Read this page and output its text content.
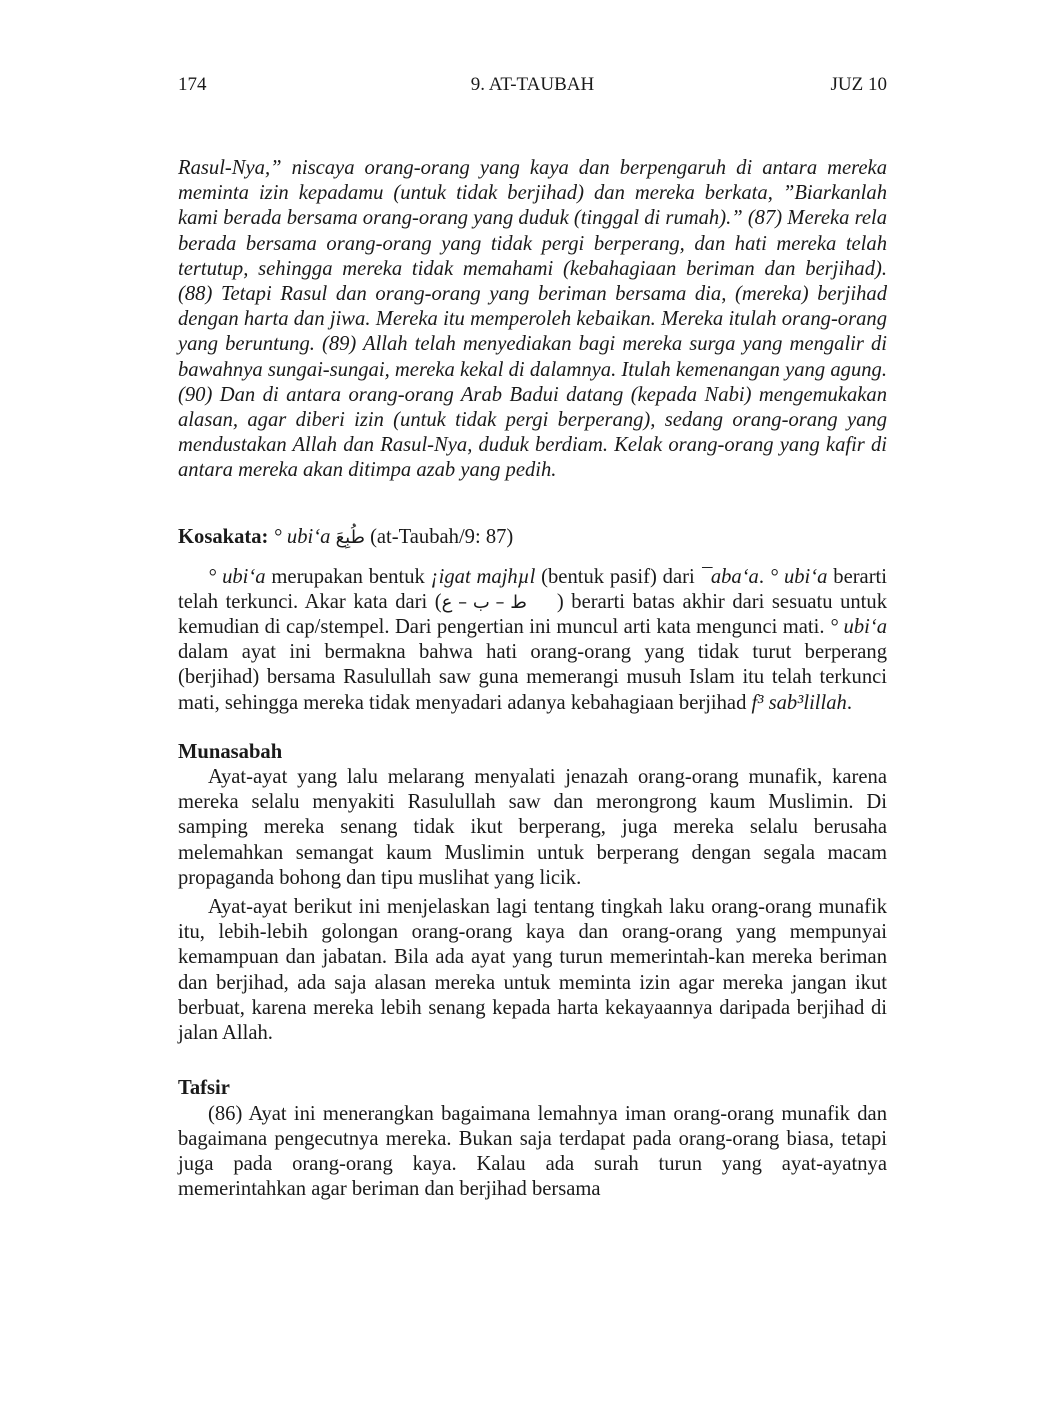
9. AT-TAUBAH
174	JUZ 10

Rasul-Nya,” niscaya orang-orang yang kaya dan berpengaruh di antara mereka meminta izin kepadamu (untuk tidak berjihad) dan mereka berkata, ”Biarkanlah kami berada bersama orang-orang yang duduk (tinggal di rumah).” (87) Mereka rela berada bersama orang-orang yang tidak pergi berperang, dan hati mereka telah tertutup, sehingga mereka tidak memahami (kebahagiaan beriman dan berjihad). (88) Tetapi Rasul dan orang-orang yang beriman bersama dia, (mereka) berjihad dengan harta dan jiwa. Mereka itu memperoleh kebaikan. Mereka itulah orang-orang yang beruntung. (89) Allah telah menyediakan bagi mereka surga yang mengalir di bawahnya sungai-sungai, mereka kekal di dalamnya. Itulah kemenangan yang agung. (90) Dan di antara orang-orang Arab Badui datang (kepada Nabi) mengemukakan alasan, agar diberi izin (untuk tidak pergi berperang), sedang orang-orang yang mendustakan Allah dan Rasul-Nya, duduk berdiam. Kelak orang-orang yang kafir di antara mereka akan ditimpa azab yang pedih.

Kosakata: ° ubi‘a طُبِعَ (at-Taubah/9: 87)

° ubi‘a merupakan bentuk ¡igat majhµl (bentuk pasif) dari ¯aba‘a. ° ubi‘a berarti telah terkunci. Akar kata dari (ط – ب – ع ) berarti batas akhir dari sesuatu untuk kemudian di cap/stempel. Dari pengertian ini muncul arti kata mengunci mati. ° ubi‘a dalam ayat ini bermakna bahwa hati orang-orang yang tidak turut berperang (berjihad) bersama Rasulullah saw guna memerangi musuh Islam itu telah terkunci mati, sehingga mereka tidak menyadari adanya kebahagiaan berjihad f³ sab³lillah.

Munasabah

Ayat-ayat yang lalu melarang menyalati jenazah orang-orang munafik, karena mereka selalu menyakiti Rasulullah saw dan merongrong kaum Muslimin. Di samping mereka senang tidak ikut berperang, juga mereka selalu berusaha melemahkan semangat kaum Muslimin untuk berperang dengan segala macam propaganda bohong dan tipu muslihat yang licik.

Ayat-ayat berikut ini menjelaskan lagi tentang tingkah laku orang-orang munafik itu, lebih-lebih golongan orang-orang kaya dan orang-orang yang mempunyai kemampuan dan jabatan. Bila ada ayat yang turun memerintah-kan mereka beriman dan berjihad, ada saja alasan mereka untuk meminta izin agar mereka jangan ikut berbuat, karena mereka lebih senang kepada harta kekayaannya daripada berjihad di jalan Allah.

Tafsir

(86) Ayat ini menerangkan bagaimana lemahnya iman orang-orang munafik dan bagaimana pengecutnya mereka. Bukan saja terdapat pada orang-orang biasa, tetapi juga pada orang-orang kaya. Kalau ada surah turun yang ayat-ayatnya memerintahkan agar beriman dan berjihad bersama
